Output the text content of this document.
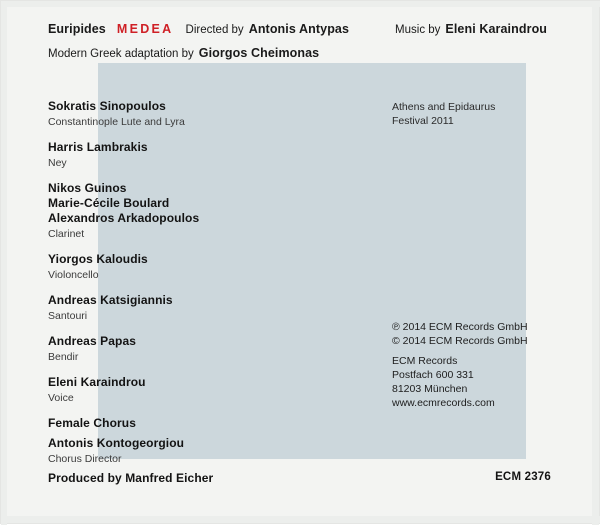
Euripides MEDEA Directed by Antonis Antypas	Music by Eleni Karaindrou
Modern Greek adaptation by Giorgos Cheimonas
Sokratis Sinopoulos
Constantinople Lute and Lyra
Harris Lambrakis
Ney
Nikos Guinos
Marie-Cécile Boulard
Alexandros Arkadopoulos
Clarinet
Yiorgos Kaloudis
Violoncello
Andreas Katsigiannis
Santouri
Andreas Papas
Bendir
Eleni Karaindrou
Voice
Female Chorus
Antonis Kontogeorgiou
Chorus Director
Athens and Epidaurus
Festival 2011
℗ 2014 ECM Records GmbH
© 2014 ECM Records GmbH
ECM Records
Postfach 600 331
81203 München
www.ecmrecords.com
Produced by Manfred Eicher	ECM 2376
